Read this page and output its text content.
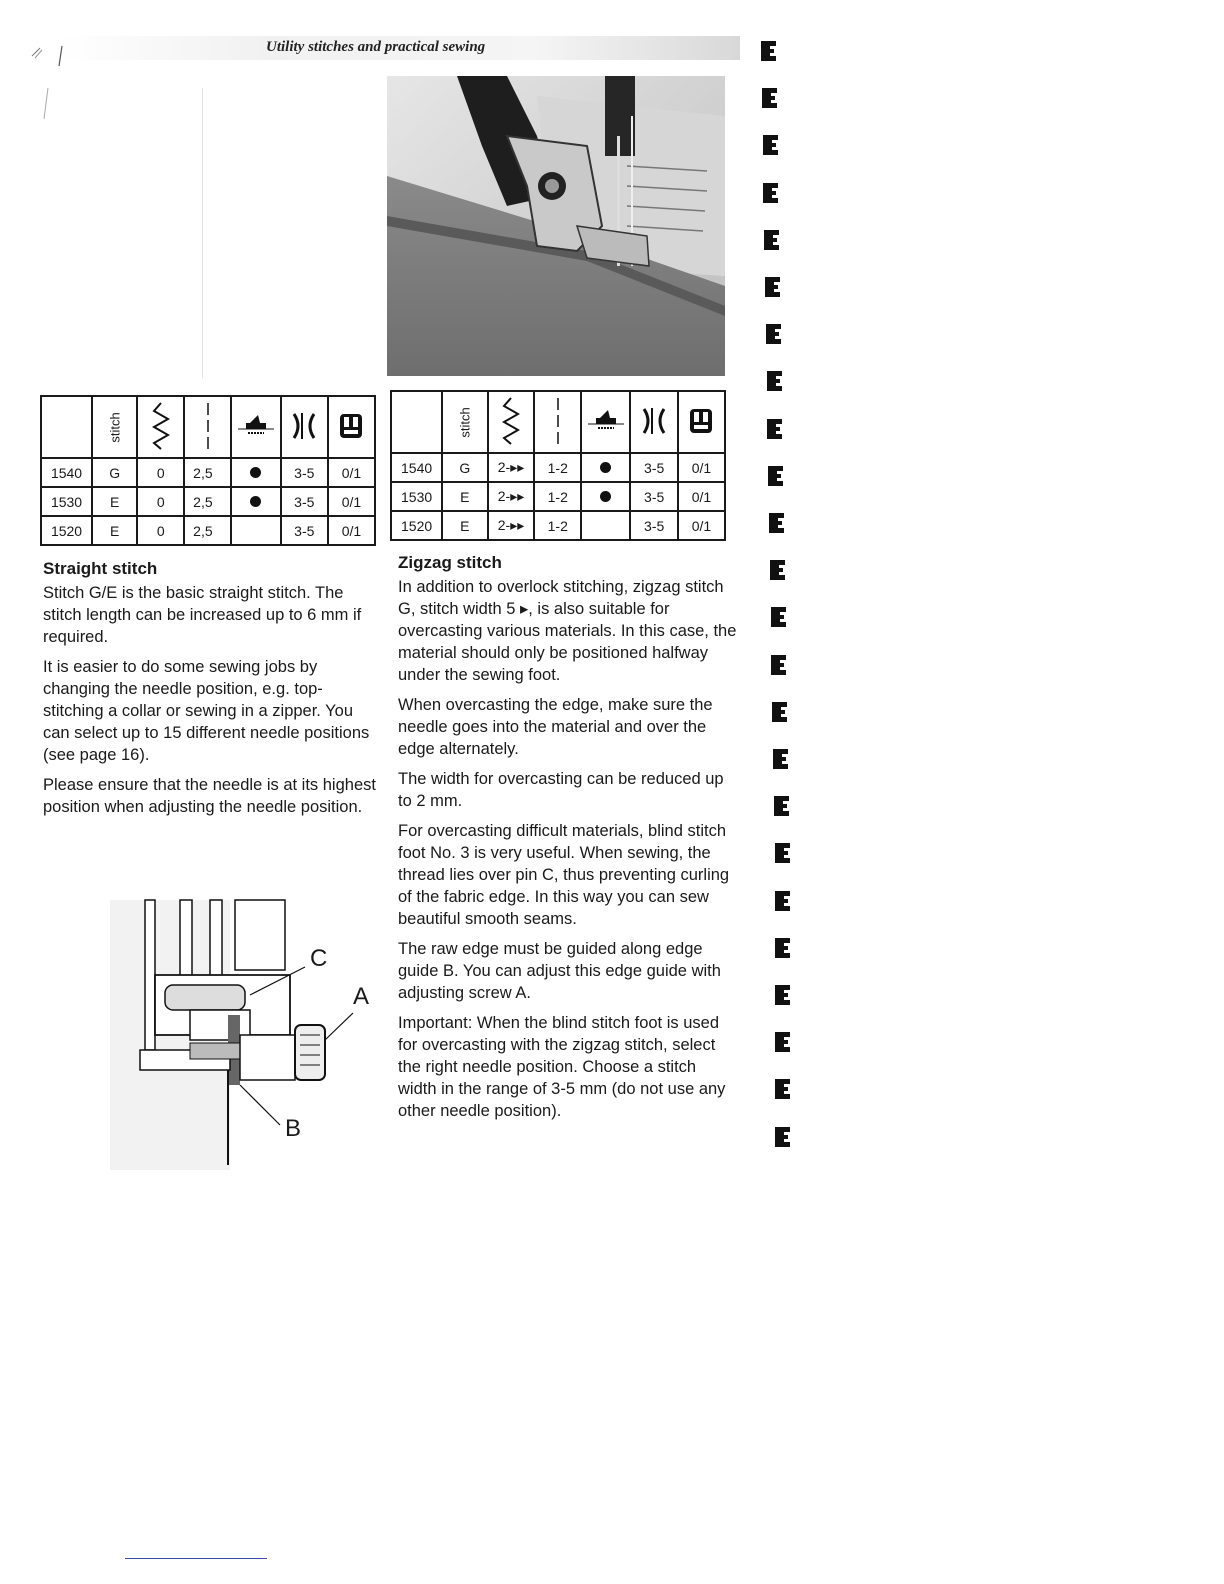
Utility stitches and practical sewing
	stitch					
1540	G	0	2,5		3-5	0/1
1530	E	0	2,5		3-5	0/1
1520	E	0	2,5		3-5	0/1
	stitch					
1540	G	2-▸▸	1-2		3-5	0/1
1530	E	2-▸▸	1-2		3-5	0/1
1520	E	2-▸▸	1-2		3-5	0/1
Straight stitch

Stitch G/E is the basic straight stitch. The stitch length can be increased up to 6 mm if required.

It is easier to do some sewing jobs by changing the needle position, e.g. top-stitching a collar or sewing in a zipper. You can select up to 15 different needle positions (see page 16).

Please ensure that the needle is at its highest position when adjusting the needle position.

Zigzag stitch

In addition to overlock stitching, zigzag stitch G, stitch width 5 ▸, is also suitable for overcasting various materials. In this case, the material should only be positioned halfway under the sewing foot.

When overcasting the edge, make sure the needle goes into the material and over the edge alternately.

The width for overcasting can be reduced up to 2 mm.

For overcasting difficult materials, blind stitch foot No. 3 is very useful. When sewing, the thread lies over pin C, thus preventing curling of the fabric edge. In this way you can sew beautiful smooth seams.

The raw edge must be guided along edge guide B. You can adjust this edge guide with adjusting screw A.

Important: When the blind stitch foot is used for overcasting with the zigzag stitch, select the right needle position. Choose a stitch width in the range of 3-5 mm (do not use any other needle position).

C
A
B
